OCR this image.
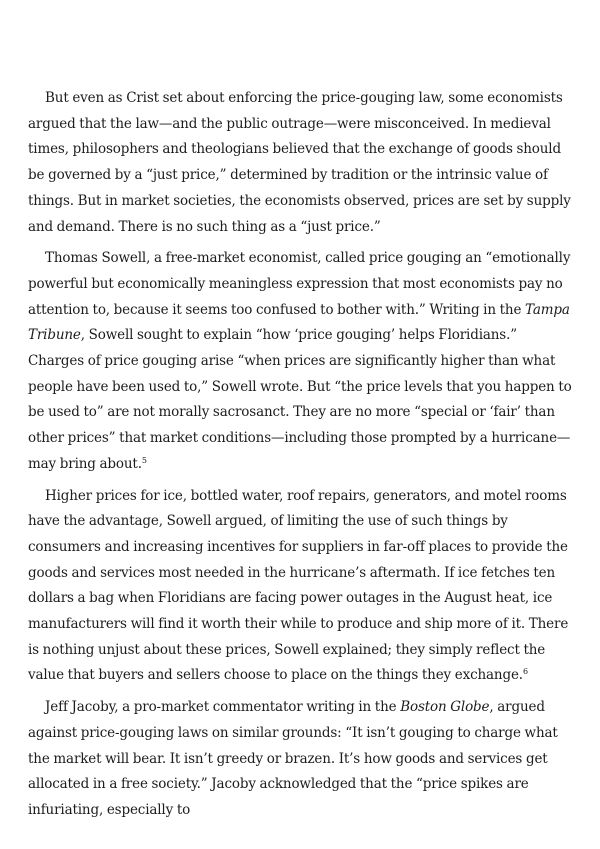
But even as Crist set about enforcing the price-gouging law, some economists argued that the law—and the public outrage—were misconceived. In medieval times, philosophers and theologians believed that the exchange of goods should be governed by a “just price,” determined by tradition or the intrinsic value of things. But in market societies, the economists observed, prices are set by supply and demand. There is no such thing as a “just price.”

Thomas Sowell, a free-market economist, called price gouging an “emotionally powerful but economically meaningless expression that most economists pay no attention to, because it seems too confused to bother with.” Writing in the Tampa Tribune, Sowell sought to explain “how ‘price gouging’ helps Floridians.” Charges of price gouging arise “when prices are significantly higher than what people have been used to,” Sowell wrote. But “the price levels that you happen to be used to” are not morally sacrosanct. They are no more “special or ‘fair’ than other prices” that market conditions—including those prompted by a hurricane—may bring about.$^5$

Higher prices for ice, bottled water, roof repairs, generators, and motel rooms have the advantage, Sowell argued, of limiting the use of such things by consumers and increasing incentives for suppliers in far-off places to provide the goods and services most needed in the hurricane’s aftermath. If ice fetches ten dollars a bag when Floridians are facing power outages in the August heat, ice manufacturers will find it worth their while to produce and ship more of it. There is nothing unjust about these prices, Sowell explained; they simply reflect the value that buyers and sellers choose to place on the things they exchange.$^6$

Jeff Jacoby, a pro-market commentator writing in the Boston Globe, argued against price-gouging laws on similar grounds: “It isn’t gouging to charge what the market will bear. It isn’t greedy or brazen. It’s how goods and services get allocated in a free society.” Jacoby acknowledged that the “price spikes are infuriating, especially to
